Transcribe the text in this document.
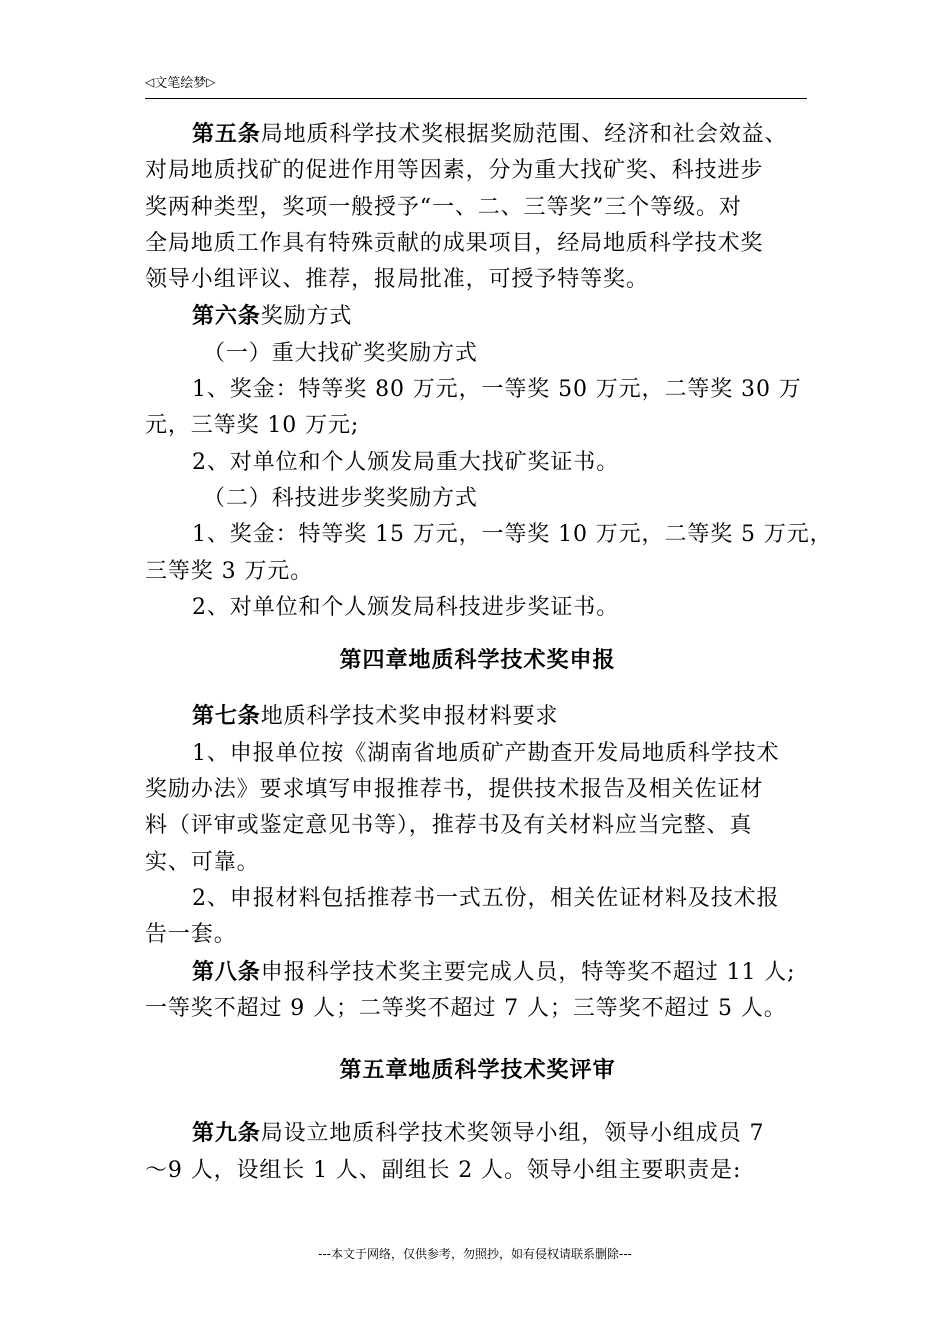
◁文笔绘梦▷

第五条局地质科学技术奖根据奖励范围、经济和社会效益、

对局地质找矿的促进作用等因素，分为重大找矿奖、科技进步

奖两种类型，奖项一般授予“一、二、三等奖”三个等级。对

全局地质工作具有特殊贡献的成果项目，经局地质科学技术奖

领导小组评议、推荐，报局批准，可授予特等奖。

第六条奖励方式

（一）重大找矿奖奖励方式

1、奖金：特等奖 80 万元，一等奖 50 万元，二等奖 30 万

元，三等奖 10 万元;

2、对单位和个人颁发局重大找矿奖证书。

（二）科技进步奖奖励方式

1、奖金：特等奖 15 万元，一等奖 10 万元，二等奖 5 万元，

三等奖 3 万元。

2、对单位和个人颁发局科技进步奖证书。

第四章地质科学技术奖申报

第七条地质科学技术奖申报材料要求

1、申报单位按《湖南省地质矿产勘查开发局地质科学技术

奖励办法》要求填写申报推荐书，提供技术报告及相关佐证材

料（评审或鉴定意见书等），推荐书及有关材料应当完整、真

实、可靠。

2、申报材料包括推荐书一式五份，相关佐证材料及技术报

告一套。

第八条申报科学技术奖主要完成人员，特等奖不超过 11 人;

一等奖不超过 9 人；二等奖不超过 7 人；三等奖不超过 5 人。

第五章地质科学技术奖评审

第九条局设立地质科学技术奖领导小组，领导小组成员 7

～9 人，设组长 1 人、副组长 2 人。领导小组主要职责是:

---本文于网络，仅供参考，勿照抄，如有侵权请联系删除---
